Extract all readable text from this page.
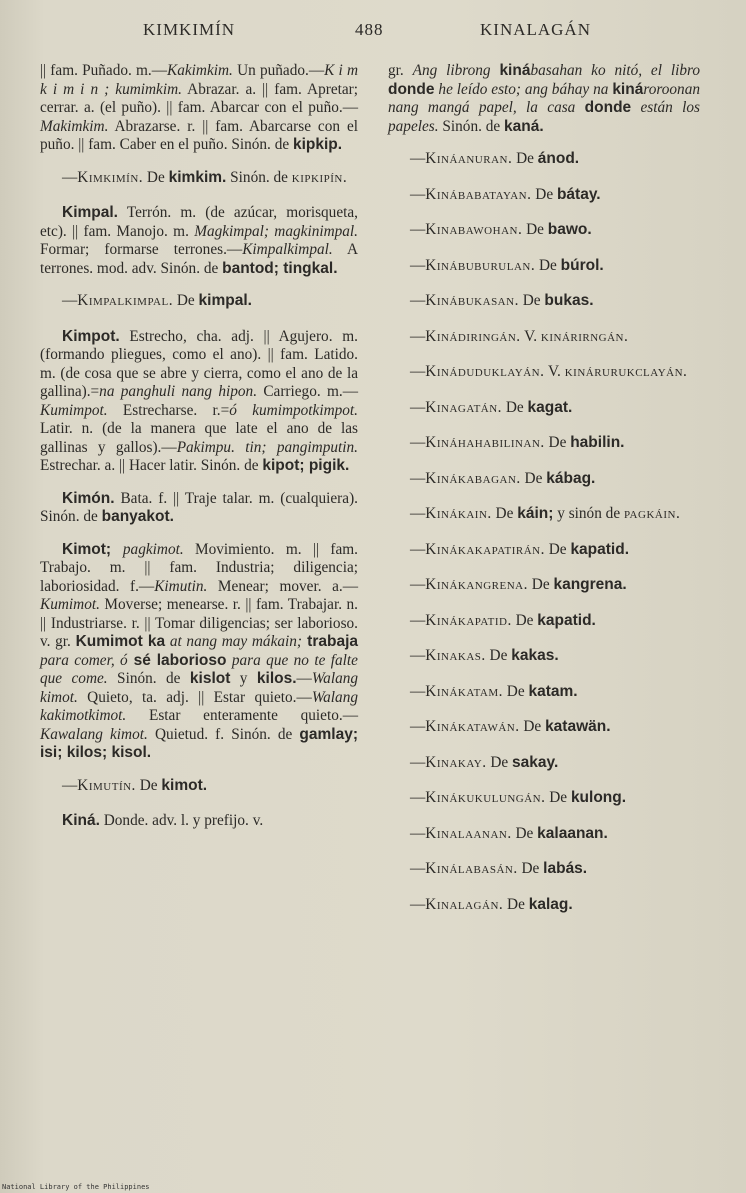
KIMKIMÍN	488	KINALAGÁN

|| fam. Puñado. m.—Kakimkim. Un puñado.—K i m k i m i n ; kumimkim. Abrazar. a. || fam. Apretar; cerrar. a. (el puño). || fam. Abarcar con el puño.—Makimkim. Abrazarse. r. || fam. Abarcarse con el puño. || fam. Caber en el puño. Sinón. de kipkip.

—Kimkimín. De kimkim. Sinón. de kipkipín.

Kimpal. Terrón. m. (de azúcar, morisqueta, etc). || fam. Manojo. m. Magkimpal; magkinimpal. Formar; formarse terrones.—Kimpalkimpal. A terrones. mod. adv. Sinón. de bantod; tingkal.

—Kimpalkimpal. De kimpal.

Kimpot. Estrecho, cha. adj. || Agujero. m. (formando pliegues, como el ano). || fam. Latido. m. (de cosa que se abre y cierra, como el ano de la gallina).=na panghuli nang hipon. Carriego. m.—Kumimpot. Estrecharse. r.=ó kumimpotkimpot. Latir. n. (de la manera que late el ano de las gallinas y gallos).—Pakimpu. tin; pangimputin. Estrechar. a. || Hacer latir. Sinón. de kipot; pigik.

Kimón. Bata. f. || Traje talar. m. (cualquiera). Sinón. de banyakot.

Kimot; pagkimot. Movimiento. m. || fam. Trabajo. m. || fam. Industria; diligencia; laboriosidad. f.—Kimutin. Menear; mover. a.—Kumimot. Moverse; menearse. r. || fam. Trabajar. n. || Industriarse. r. || Tomar diligencias; ser laborioso. v. gr. Kumimot ka at nang may mákain; trabaja para comer, ó sé laborioso para que no te falte que come. Sinón. de kislot y kilos.—Walang kimot. Quieto, ta. adj. || Estar quieto.—Walang kakimotkimot. Estar enteramente quieto.—Kawalang kimot. Quietud. f. Sinón. de gamlay; isi; kilos; kisol.

—Kimutín. De kimot.

Kiná. Donde. adv. l. y prefijo. v.

gr. Ang librong kinábasahan ko nitó, el libro donde he leído esto; ang báhay na kinároroonan nang mangá papel, la casa donde están los papeles. Sinón. de kaná.

—Kináanuran. De ánod.

—Kinábabatayan. De bátay.

—Kinabawohan. De bawo.

—Kinábuburulan. De búrol.

—Kinábukasan. De bukas.

—Kinádiringán. V. kinárirngán.

—Kináduduklayán. V. kinárurukclayán.

—Kinagatán. De kagat.

—Kináhahabilinan. De habilin.

—Kinákabagan. De kábag.

—Kinákain. De káin; y sinón de pagkáin.

—Kinákakapatirán. De kapatid.

—Kinákangrena. De kangrena.

—Kinákapatid. De kapatid.

—Kinakas. De kakas.

—Kinákatam. De katam.

—Kinákatawán. De katawän.

—Kinakay. De sakay.

—Kinákukulungán. De kulong.

—Kinalaanan. De kalaanan.

—Kinálabasán. De labás.

—Kinalagán. De kalag.

National Library of the Philippines
